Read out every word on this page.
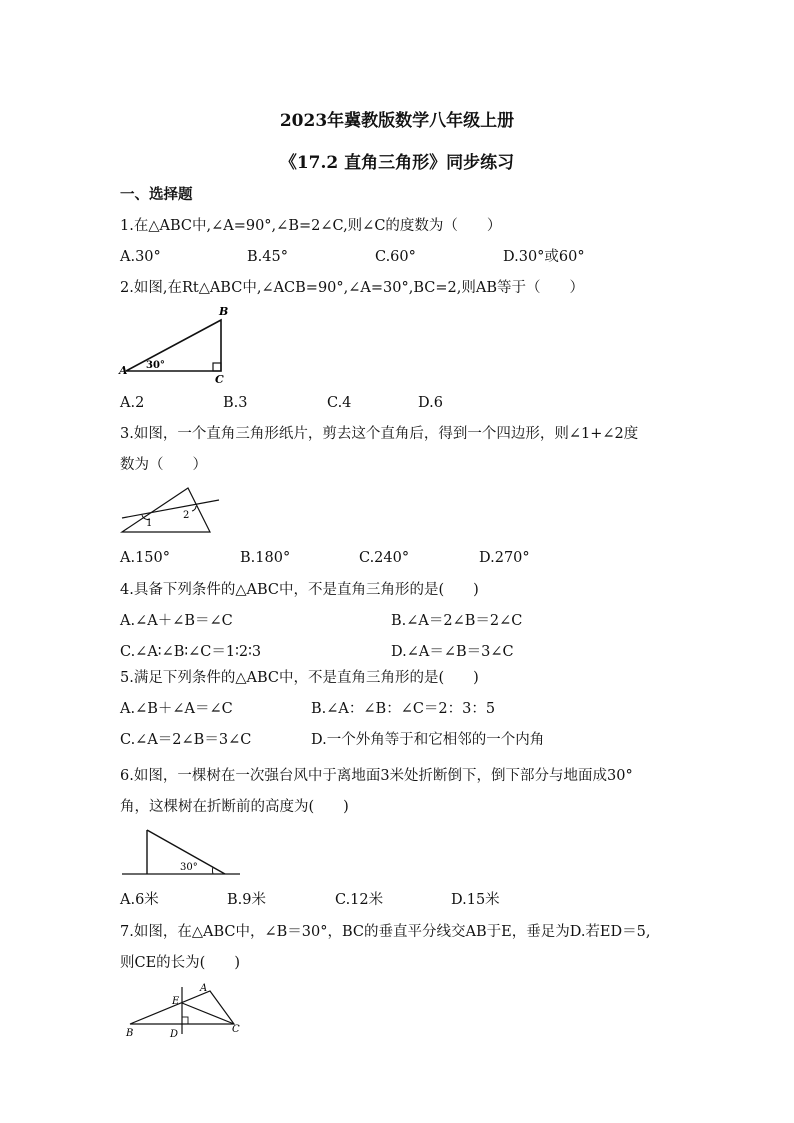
2023年冀教版数学八年级上册
《17.2 直角三角形》同步练习
一、选择题
1.在△ABC中,∠A=90°,∠B=2∠C,则∠C的度数为（　　）
A.30°	B.45°	C.60°	D.30°或60°
2.如图,在Rt△ABC中,∠ACB=90°,∠A=30°,BC=2,则AB等于（　　）
A
B
C
30°
A.2	B.3	C.4	D.6
3.如图，一个直角三角形纸片，剪去这个直角后，得到一个四边形，则∠1+∠2度
数为（　　）
1
2
A.150°	B.180°	C.240°	D.270°
4.具备下列条件的△ABC中，不是直角三角形的是(　　)
A.∠A＋∠B＝∠C	B.∠A＝2∠B＝2∠C
C.∠A∶∠B∶∠C＝1∶2∶3	D.∠A＝∠B＝3∠C
5.满足下列条件的△ABC中，不是直角三角形的是(　　)
A.∠B＋∠A＝∠C	B.∠A：∠B：∠C＝2：3：5
C.∠A＝2∠B＝3∠C	D.一个外角等于和它相邻的一个内角
6.如图，一棵树在一次强台风中于离地面3米处折断倒下，倒下部分与地面成30°
角，这棵树在折断前的高度为(　　)
30°
A.6米	B.9米	C.12米	D.15米
7.如图，在△ABC中，∠B＝30°，BC的垂直平分线交AB于E，垂足为D.若ED＝5,
则CE的长为(　　)
A
B	C
D
E
